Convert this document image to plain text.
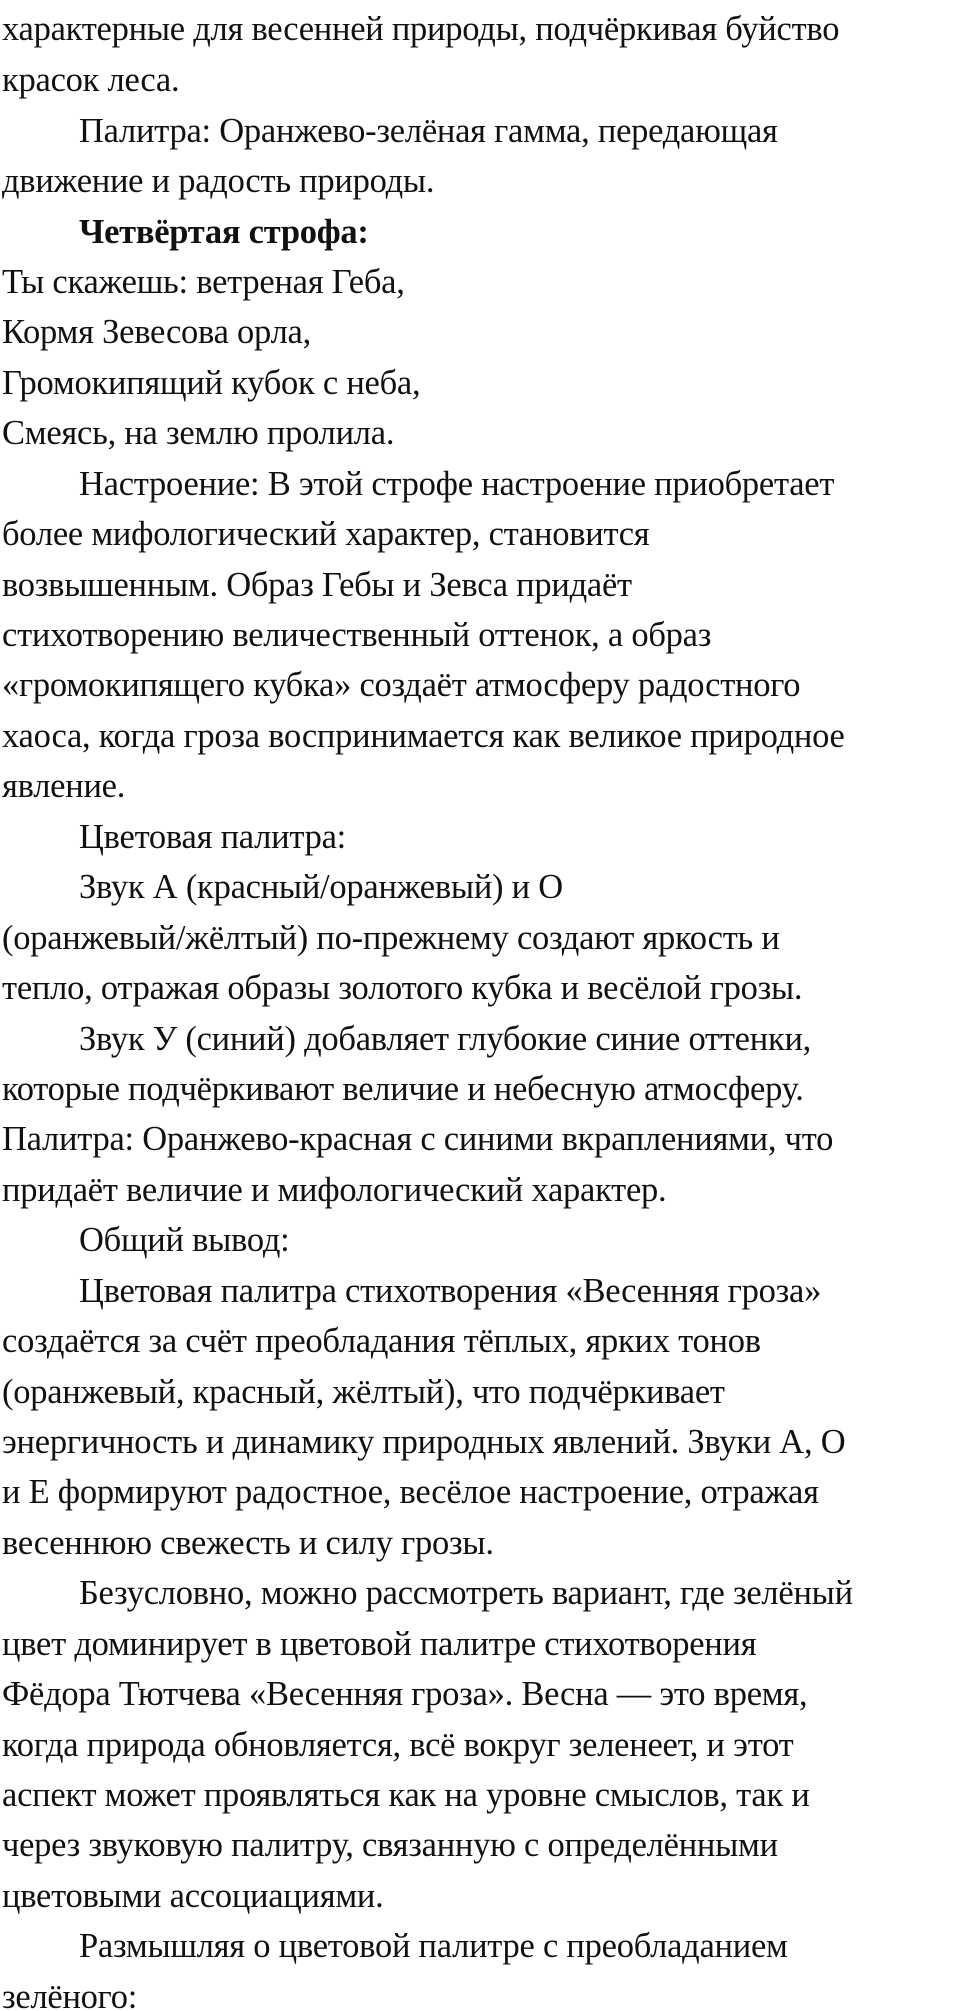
характерные для весенней природы, подчёркивая буйство

красок леса.

Палитра: Оранжево-зелёная гамма, передающая

движение и радость природы.

Четвёртая строфа:

Ты скажешь: ветреная Геба,

Кормя Зевесова орла,

Громокипящий кубок с неба,

Смеясь, на землю пролила.

Настроение: В этой строфе настроение приобретает

более мифологический характер, становится

возвышенным. Образ Гебы и Зевса придаёт

стихотворению величественный оттенок, а образ

«громокипящего кубка» создаёт атмосферу радостного

хаоса, когда гроза воспринимается как великое природное

явление.

Цветовая палитра:

Звук А (красный/оранжевый) и О

(оранжевый/жёлтый) по-прежнему создают яркость и

тепло, отражая образы золотого кубка и весёлой грозы.

Звук У (синий) добавляет глубокие синие оттенки,

которые подчёркивают величие и небесную атмосферу.

Палитра: Оранжево-красная с синими вкраплениями, что

придаёт величие и мифологический характер.

Общий вывод:

Цветовая палитра стихотворения «Весенняя гроза»

создаётся за счёт преобладания тёплых, ярких тонов

(оранжевый, красный, жёлтый), что подчёркивает

энергичность и динамику природных явлений. Звуки А, О

и Е формируют радостное, весёлое настроение, отражая

весеннюю свежесть и силу грозы.

Безусловно, можно рассмотреть вариант, где зелёный

цвет доминирует в цветовой палитре стихотворения

Фёдора Тютчева «Весенняя гроза». Весна — это время,

когда природа обновляется, всё вокруг зеленеет, и этот

аспект может проявляться как на уровне смыслов, так и

через звуковую палитру, связанную с определёнными

цветовыми ассоциациями.

Размышляя о цветовой палитре с преобладанием

зелёного:
